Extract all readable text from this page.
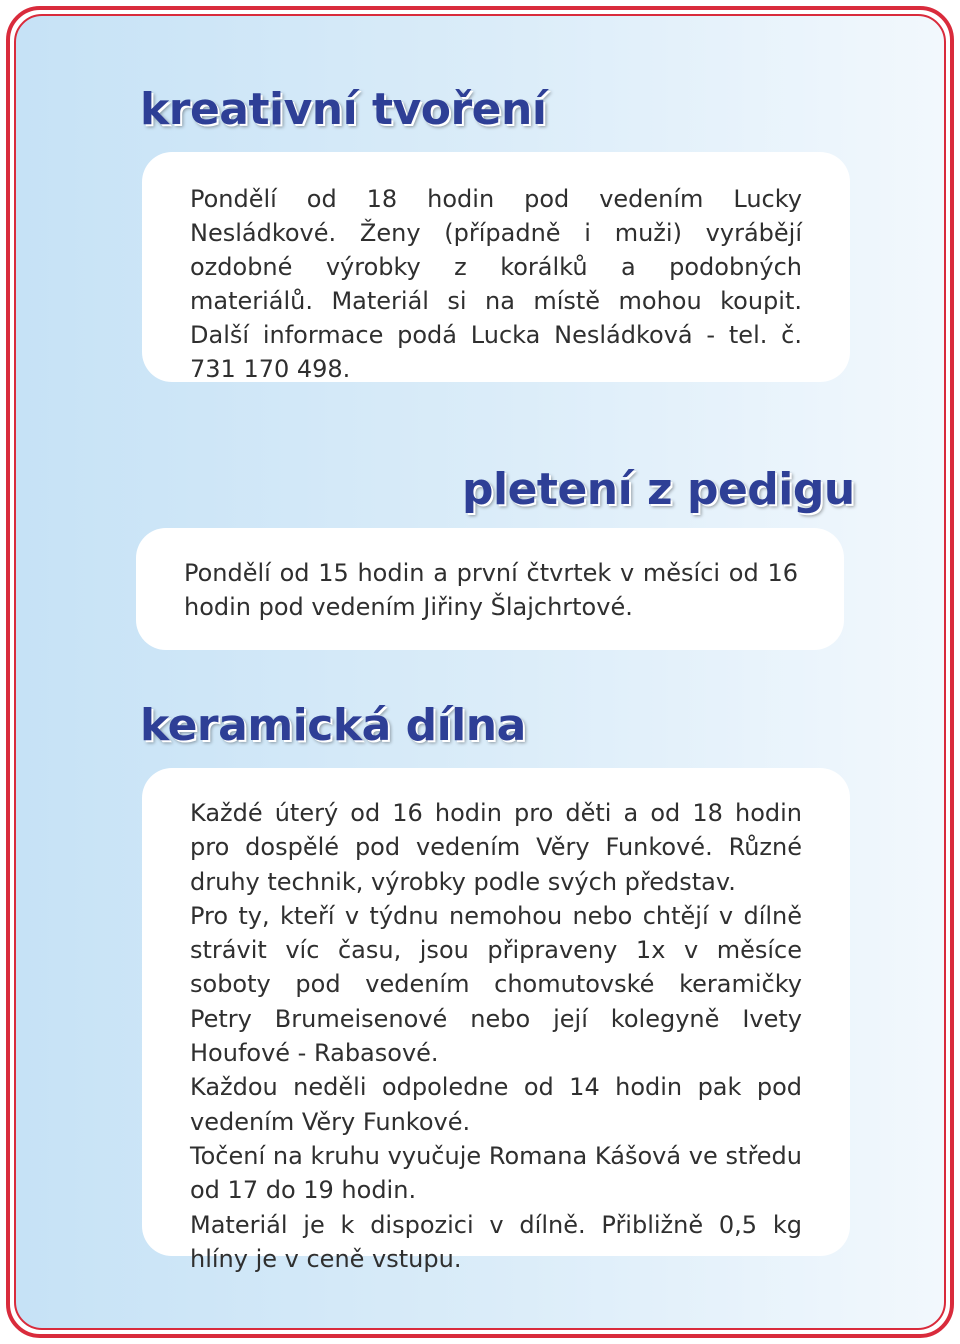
kreativní tvoření

Pondělí od 18 hodin pod vedením Lucky Nesládkové. Ženy (případně i muži) vyrábějí ozdobné výrobky z korálků a podobných materiálů. Materiál si na místě mohou koupit. Další informace podá Lucka Nesládková - tel. č. 731 170 498.

pletení z pedigu

Pondělí od 15 hodin a první čtvrtek v měsíci od 16 hodin pod vedením Jiřiny Šlajchrtové.

keramická dílna

Každé úterý od 16 hodin pro děti a od 18 hodin pro dospělé pod vedením Věry Funkové. Různé druhy technik, výrobky podle svých představ.

Pro ty, kteří v týdnu nemohou nebo chtějí v dílně strávit víc času, jsou připraveny 1x v měsíce soboty pod vedením chomutovské keramičky Petry Brumeisenové nebo její kolegyně Ivety Houfové - Rabasové.

Každou neděli odpoledne od 14 hodin pak pod vedením Věry Funkové.

Točení na kruhu vyučuje Romana Kášová ve středu od 17 do 19 hodin.

Materiál je k dispozici v dílně. Přibližně 0,5 kg hlíny je v ceně vstupu.
